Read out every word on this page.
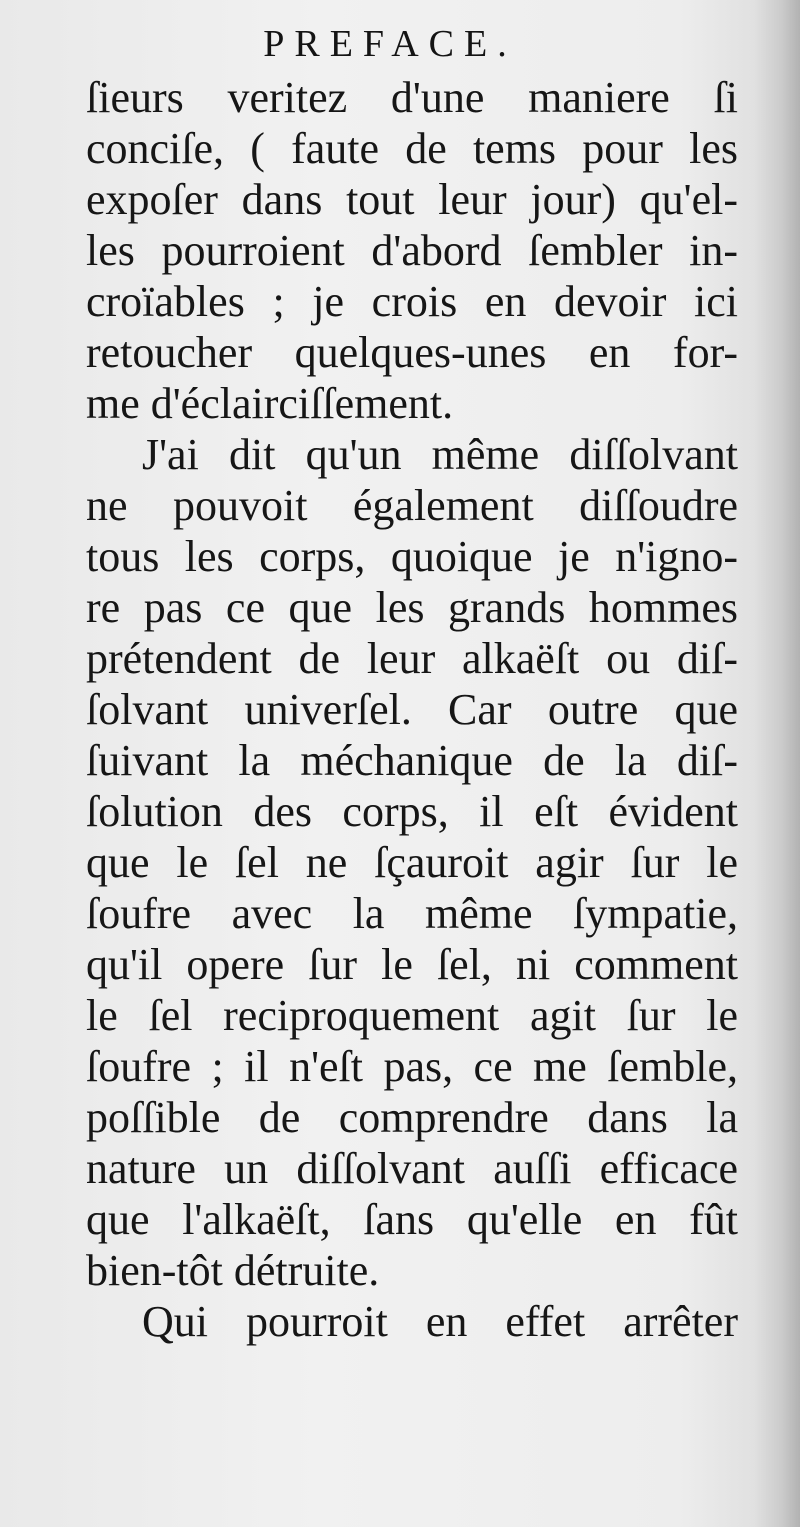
PREFACE.
ſieurs veritez d'une maniere ſi
conciſe, ( faute de tems pour les
expoſer dans tout leur jour) qu'el-
les pourroient d'abord ſembler in-
croïables ; je crois en devoir ici
retoucher quelques-unes en for-
me d'éclairciſſement.
J'ai dit qu'un même diſſolvant
ne pouvoit également diſſoudre
tous les corps, quoique je n'igno-
re pas ce que les grands hommes
prétendent de leur alkaëſt ou diſ-
ſolvant univerſel. Car outre que
ſuivant la méchanique de la diſ-
ſolution des corps, il eſt évident
que le ſel ne ſçauroit agir ſur le
ſoufre avec la même ſympatie,
qu'il opere ſur le ſel, ni comment
le ſel reciproquement agit ſur le
ſoufre ; il n'eſt pas, ce me ſemble,
poſſible de comprendre dans la
nature un diſſolvant auſſi efficace
que l'alkaëſt, ſans qu'elle en fût
bien-tôt détruite.
Qui pourroit en effet arrêter
